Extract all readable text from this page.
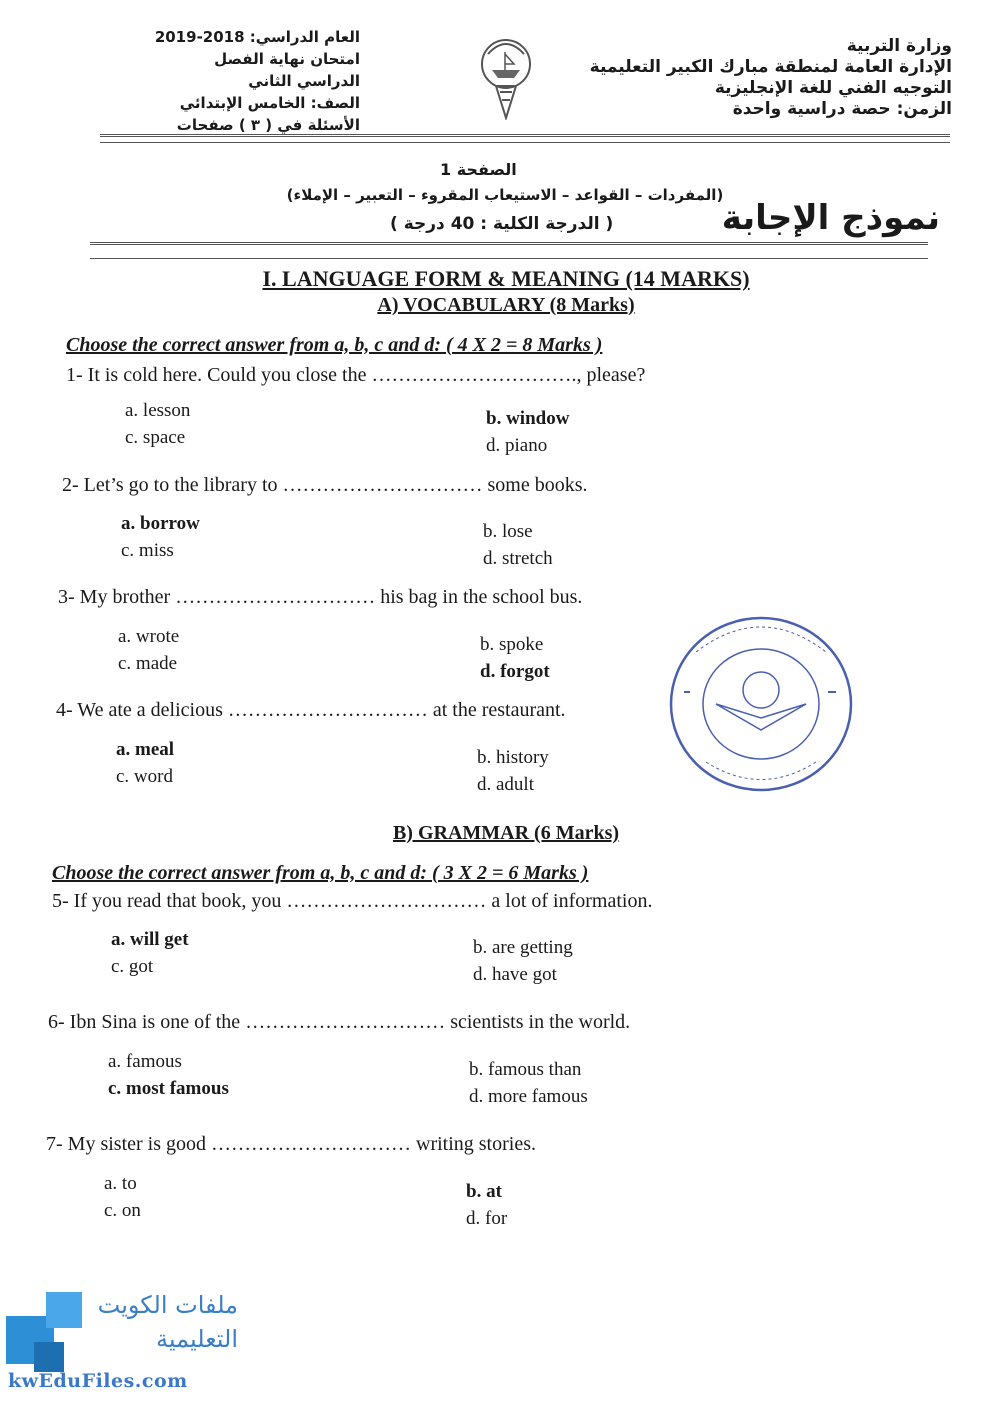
وزارة التربية
الإدارة العامة لمنطقة مبارك الكبير التعليمية
التوجيه الفني للغة الإنجليزية
الزمن: حصة دراسية واحدة
العام الدراسي: 2018-2019
امتحان نهاية الفصل الدراسي الثاني
الصف: الخامس الإبتدائي
الأسئلة في ( ٣ ) صفحات
الصفحة 1
(المفردات – القواعد – الاستيعاب المقروء – التعبير – الإملاء)
( الدرجة الكلية : 40 درجة )	نموذج الإجابة
I. LANGUAGE FORM & MEANING (14 MARKS)
A) VOCABULARY (8 Marks)
Choose the correct answer from a, b, c and d: ( 4 X 2 = 8 Marks )
1- It is cold here. Could you close the …………………………., please?
a. lesson	b. window
c. space	d. piano
2- Let’s go to the library to ………………………… some books.
a. borrow	b. lose
c. miss	d. stretch
3- My brother ………………………… his bag in the school bus.
a. wrote	b. spoke
c. made	d. forgot
4- We ate a delicious ………………………… at the restaurant.
a. meal	b. history
c. word	d. adult
B) GRAMMAR (6 Marks)
Choose the correct answer from a, b, c and d: ( 3 X 2 = 6 Marks )
5- If you read that book, you ………………………… a lot of information.
a. will get	b. are getting
c. got	d. have got
6- Ibn Sina is one of the ………………………… scientists in the world.
a. famous	b. famous than
c. most famous	d. more famous
7- My sister is good ………………………… writing stories.
a. to	b. at
c. on	d. for
ملفات الكويت
التعليمية
kwEduFiles.com
